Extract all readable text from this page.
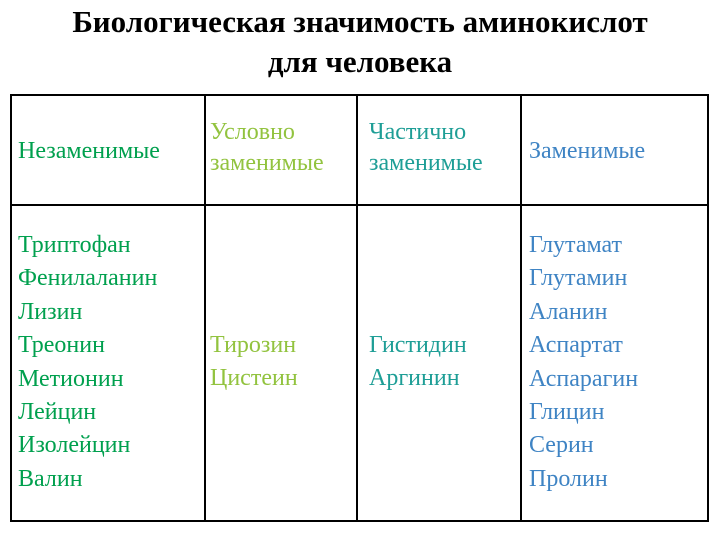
Биологическая значимость аминокислот
для человека
Незаменимые
Условно
заменимые
Частично
заменимые Заменимые
Триптофан
Фенилаланин
Лизин
Треонин
Метионин
Лейцин
Изолейцин
Валин
Тирозин
Цистеин
Гистидин
Аргинин
Глутамат
Глутамин
Аланин
Аспартат
Аспарагин
Глицин
Серин
Пролин
